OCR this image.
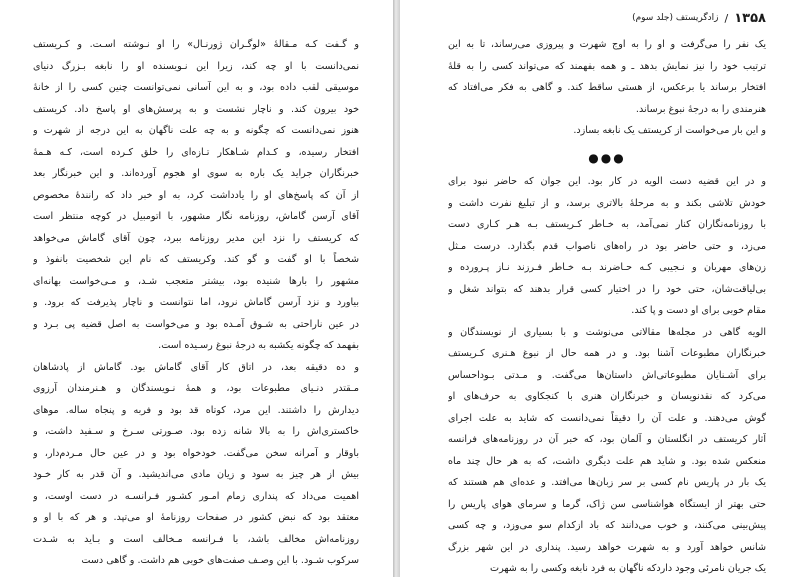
و گـفت کـه مـقالهٔ «لوگـران ژورنـال» را او نـوشته اسـت. و کـریستف
نمی‌دانست با او چه کند، زیرا این نـویسنده او را نابغه بـزرگ دنیای
موسیقی لقب داده بود، و به این آسانی نمی‌توانست چنین کسی را از خانهٔ
خود بیرون کند. و ناچار نشست و به پرسش‌های او پاسخ داد. کریستف
هنوز نمی‌دانست که چگونه و به چه علت ناگهان به این درجه از شهرت و
افتخار رسیده، و کـدام شـاهکار تـازه‌ای را خلق کـرده است، کـه هـمهٔ
خبرنگاران جراید یک باره به سوی او هجوم آورده‌اند. و این خبرنگار بعد
از آن که پاسخ‌های او را یادداشت کرد، به او خبر داد که رانندهٔ مخصوص
آقای آرسن گاماش، روزنامه نگار مشهور، با اتومبیل در کوچه منتظر است
که کریستف را نزد این مدیر روزنامه ببرد، چون آقای گاماش می‌خواهد
شخصاً با او گفت و گو کند. وکریستف که نام این شخصیت بانفوذ و
مشهور را بارها شنیده بود، بیشتر متعجب شـد، و مـی‌خواست بهانه‌ای
بیاورد و نزد آرسن گاماش نرود، اما نتوانست و ناچار پذیرفت که برود. و
در عین ناراحتی به شـوق آمـده بود و می‌خواست به اصل قضیه پی بـرد و
بفهمد که چگونه یکشبه به درجهٔ نبوغ رسـیده است.
و ده دقیقه بعد، در اتاق کار آقای گاماش بود. گاماش از پادشاهان
مـقتدر دنـیای مطبوعات بود، و همهٔ نـویسندگان و هـنرمندان آرزوی
دیدارش را داشتند. این مرد، کوتاه قد بود و فربه و پنجاه ساله. موهای
خاکستری‌اش را به بالا شانه زده بود. صـورتی سـرخ و سـفید داشت، و
باوقار و آمرانه سخن می‌گفت. خودخواه بود و در عین حال مـردم‌دار، و
بیش از هر چیز به سود و زیان مادی می‌اندیشید. و آن قدر به کار خـود
اهمیت می‌داد که پنداری زمام امـور کشـور فـرانسـه در دست اوست، و
معتقد بود که نبض کشور در صفحات روزنامهٔ او می‌تپد. و هر که با او و
روزنامه‌اش مخالف باشد، با فـرانسه مـخالف است و بـاید به شـدت
سرکوب شـود. با این وصـف صفت‌های خوبی هم داشت. و گاهی دست
۱۳۵۸
/
زادگریستف (جلد سوم)
یک نفر را می‌گرفت و او را به اوج شهرت و پیروزی می‌رساند، تا به این
ترتیب خود را نیز نمایش بدهد ـ و همه بفهمند که می‌تواند کسی را به قلهٔ
افتخار برساند یا برعکس، از هستی ساقط کند. و گاهی به فکر می‌افتاد که
هنرمندی را به درجهٔ نبوغ برساند.
و این بار می‌خواست از کریستف یک نابغه بسازد.
●●●
و در این قضیه دست الویه در کار بود. این جوان که حاضر نبود برای
خودش تلاشی بکند و به مرحلهٔ بالاتری برسد، و از تبلیغ نفرت داشت و
با روزنامه‌نگاران کنار نمی‌آمد، به خـاطر کـریستف بـه هـر کـاری دست
می‌زد، و حتی حاضر بود در راه‌های ناصواب قدم بگذارد. درست مـثل
زن‌های مهربان و نـجیبی کـه حـاضرند بـه خـاطر فـرزند نـاز پـرورده و
بی‌لیاقت‌شان، حتی خود را در اختیار کسی قرار بدهند که بتواند شغل و
مقام خوبی برای او دست و پا کند.
الویه گاهی در مجله‌ها مقالاتی می‌نوشت و با بسیاری از نویسندگان و
خبرنگاران مطبوعات آشنا بود. و در همه حال از نبوغ هـنری کـریستف
برای آشـنایان مطبوعاتی‌اش داستان‌ها می‌گفت. و مـدتی بـوداحساس
می‌کرد که نقدنویسان و خبرنگاران هنری با کنجکاوی به حرف‌های او
گوش می‌دهند. و علت آن را دقیقاً نمی‌دانست که شاید به علت اجرای
آثار کریستف در انگلستان و آلمان بود، که خبر آن در روزنامه‌های فرانسه
منعکس شده بود. و شاید هم علت دیگری داشت، که به هر حال چند ماه
یک بار در پاریس نام کسی بر سر زبان‌ها می‌افتد. و عده‌ای هم هستند که
حتی بهتر از ایستگاه هواشناسی سن ژاک، گرما و سرمای هوای پاریس را
پیش‌بینی می‌کنند، و خوب می‌دانند که باد ازکدام سو می‌وزد، و چه کسی
شانس خواهد آورد و به شهرت خواهد رسید. پنداری در این شهر بزرگ
یک جریان نامرئی وجود داردکه ناگهان به فرد نابغه وکسی را به شهرت
